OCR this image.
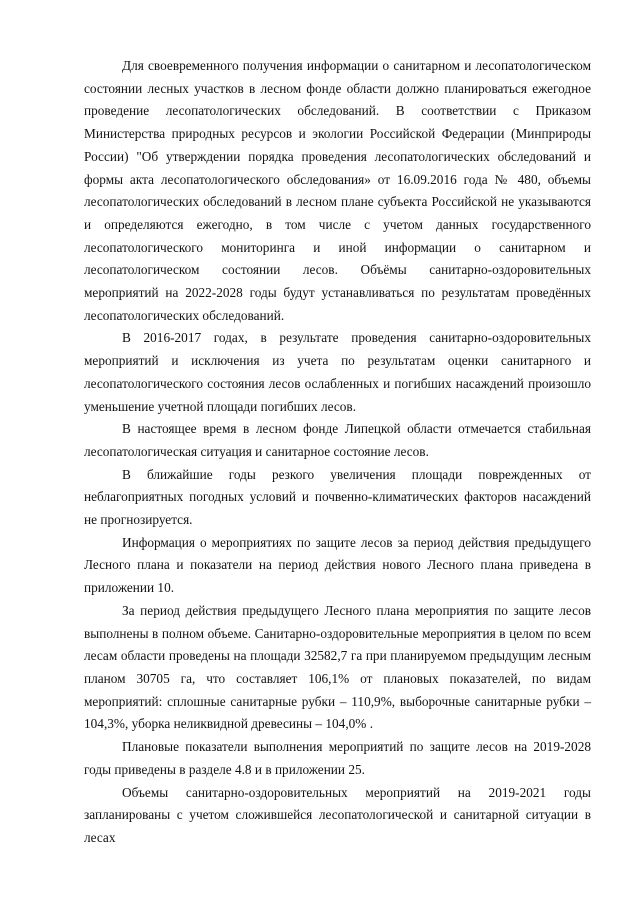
Для своевременного получения информации о санитарном и лесопатологическом состоянии лесных участков в лесном фонде области должно планироваться ежегодное проведение лесопатологических обследований. В соответствии с Приказом Министерства природных ресурсов и экологии Российской Федерации (Минприроды России) "Об утверждении порядка проведения лесопатологических обследований и формы акта лесопатологического обследования» от 16.09.2016 года № 480, объемы лесопатологических обследований в лесном плане субъекта Российской не указываются и определяются ежегодно, в том числе с учетом данных государственного лесопатологического мониторинга и иной информации о санитарном и лесопатологическом состоянии лесов. Объёмы санитарно-оздоровительных мероприятий на 2022-2028 годы будут устанавливаться по результатам проведённых лесопатологических обследований.

В 2016-2017 годах, в результате проведения санитарно-оздоровительных мероприятий и исключения из учета по результатам оценки санитарного и лесопатологического состояния лесов ослабленных и погибших насаждений произошло уменьшение учетной площади погибших лесов.

В настоящее время в лесном фонде Липецкой области отмечается стабильная лесопатологическая ситуация и санитарное состояние лесов.

В ближайшие годы резкого увеличения площади поврежденных от неблагоприятных погодных условий и почвенно-климатических факторов насаждений не прогнозируется.

Информация о мероприятиях по защите лесов за период действия предыдущего Лесного плана и показатели на период действия нового Лесного плана приведена в приложении 10.

За период действия предыдущего Лесного плана мероприятия по защите лесов выполнены в полном объеме. Санитарно-оздоровительные мероприятия в целом по всем лесам области проведены на площади 32582,7 га при планируемом предыдущим лесным планом 30705 га, что составляет 106,1% от плановых показателей, по видам мероприятий: сплошные санитарные рубки – 110,9%, выборочные санитарные рубки – 104,3%, уборка неликвидной древесины – 104,0% .

Плановые показатели выполнения мероприятий по защите лесов на 2019-2028 годы приведены в разделе 4.8 и в приложении 25.

Объемы санитарно-оздоровительных мероприятий на 2019-2021 годы запланированы с учетом сложившейся лесопатологической и санитарной ситуации в лесах
